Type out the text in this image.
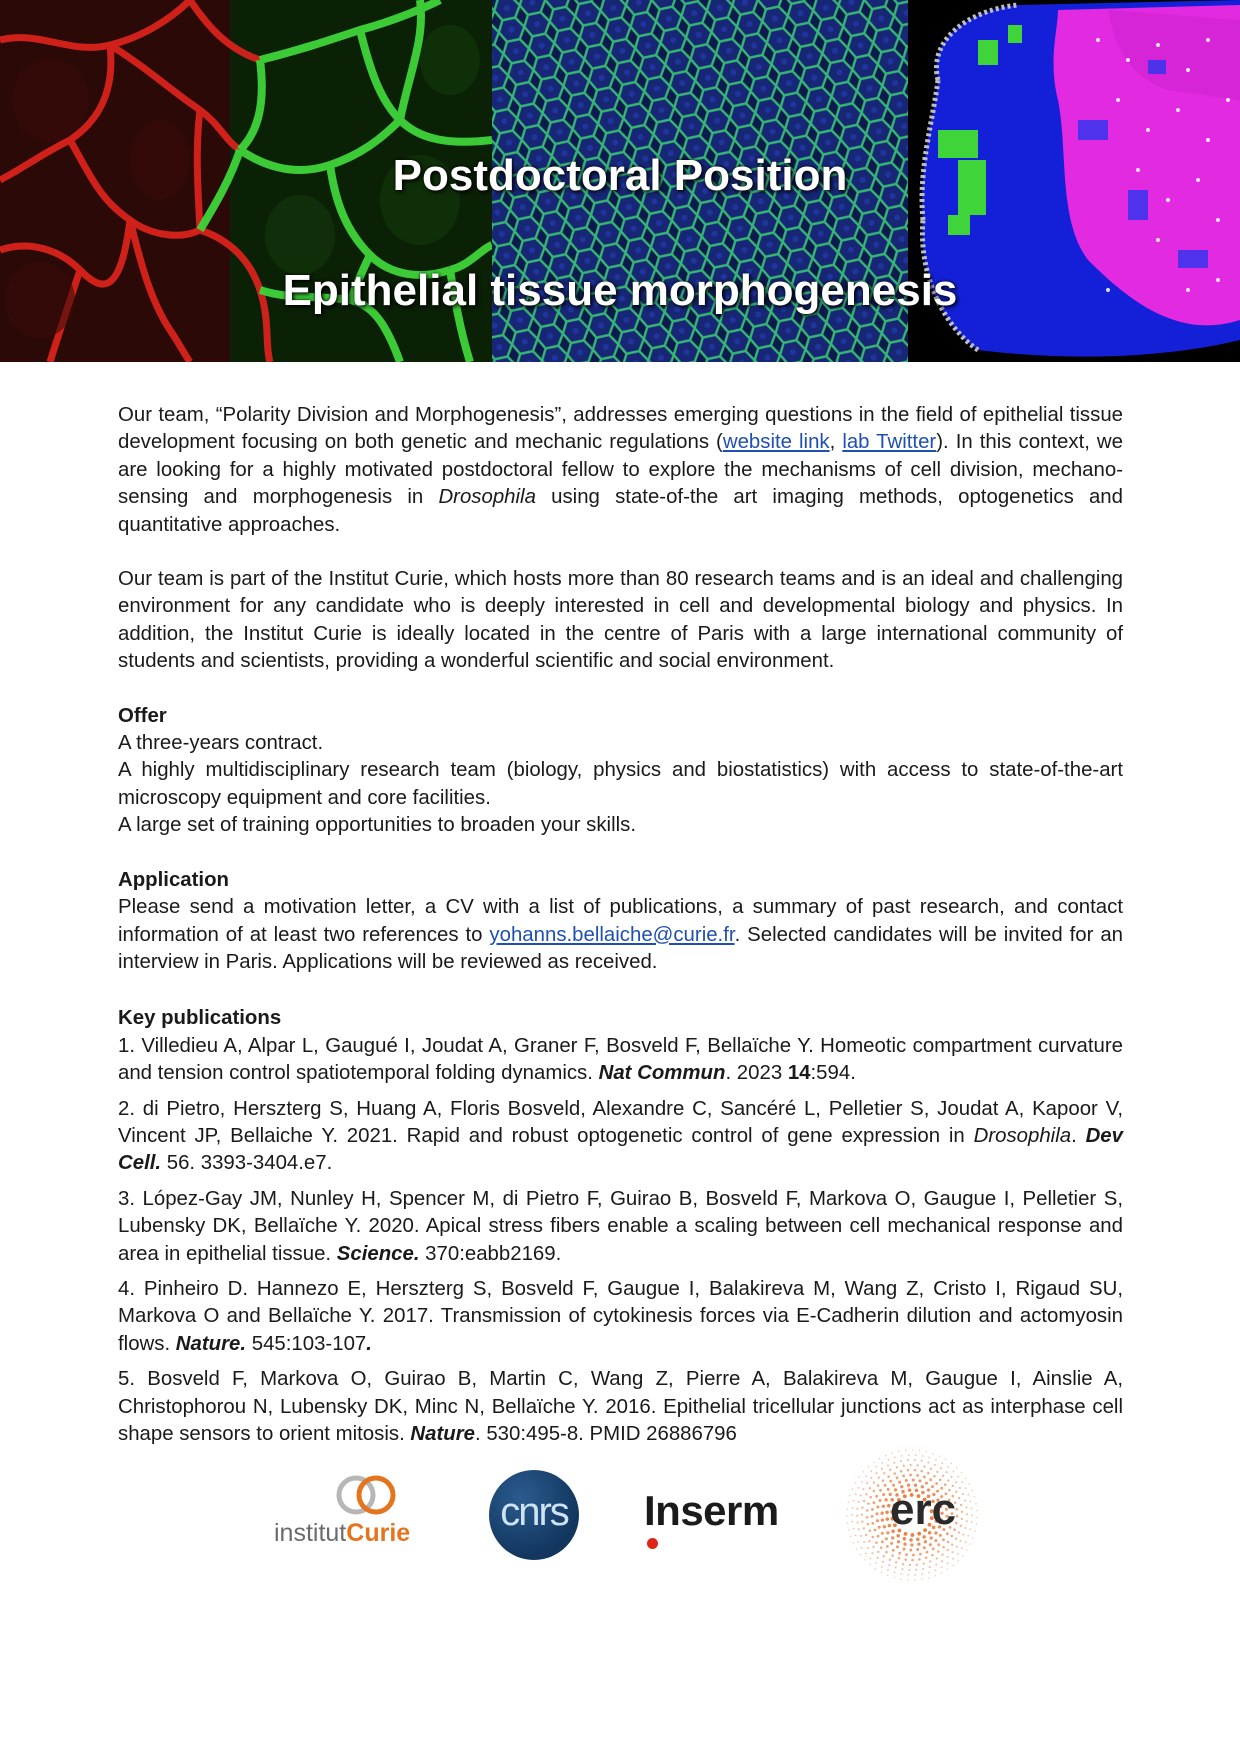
Postdoctoral Position
Epithelial tissue morphogenesis

Our team, “Polarity Division and Morphogenesis”, addresses emerging questions in the field of epithelial tissue development focusing on both genetic and mechanic regulations (website link, lab Twitter). In this context, we are looking for a highly motivated postdoctoral fellow to explore the mechanisms of cell division, mechano-sensing and morphogenesis in Drosophila using state-of-the art imaging methods, optogenetics and quantitative approaches.

Our team is part of the Institut Curie, which hosts more than 80 research teams and is an ideal and challenging environment for any candidate who is deeply interested in cell and developmental biology and physics. In addition, the Institut Curie is ideally located in the centre of Paris with a large international community of students and scientists, providing a wonderful scientific and social environment.

Offer

A three-years contract.

A highly multidisciplinary research team (biology, physics and biostatistics) with access to state-of-the-art microscopy equipment and core facilities.

A large set of training opportunities to broaden your skills.

Application

Please send a motivation letter, a CV with a list of publications, a summary of past research, and contact information of at least two references to yohanns.bellaiche@curie.fr. Selected candidates will be invited for an interview in Paris. Applications will be reviewed as received.

Key publications

1. Villedieu A, Alpar L, Gaugué I, Joudat A, Graner F, Bosveld F, Bellaïche Y. Homeotic compartment curvature and tension control spatiotemporal folding dynamics. Nat Commun. 2023 14:594.

2. di Pietro, Herszterg S, Huang A, Floris Bosveld, Alexandre C, Sancéré L, Pelletier S, Joudat A, Kapoor V, Vincent JP, Bellaiche Y. 2021. Rapid and robust optogenetic control of gene expression in Drosophila. Dev Cell. 56. 3393-3404.e7.

3. López-Gay JM, Nunley H, Spencer M, di Pietro F, Guirao B, Bosveld F, Markova O, Gaugue I, Pelletier S, Lubensky DK, Bellaïche Y. 2020. Apical stress fibers enable a scaling between cell mechanical response and area in epithelial tissue. Science. 370:eabb2169.

4. Pinheiro D. Hannezo E, Herszterg S, Bosveld F, Gaugue I, Balakireva M, Wang Z, Cristo I, Rigaud SU, Markova O and Bellaïche Y. 2017. Transmission of cytokinesis forces via E-Cadherin dilution and actomyosin flows. Nature. 545:103-107.

5. Bosveld F, Markova O, Guirao B, Martin C, Wang Z, Pierre A, Balakireva M, Gaugue I, Ainslie A, Christophorou N, Lubensky DK, Minc N, Bellaïche Y. 2016. Epithelial tricellular junctions act as interphase cell shape sensors to orient mitosis. Nature. 530:495-8. PMID 26886796

institutCurie cnrs Inserm	erc
